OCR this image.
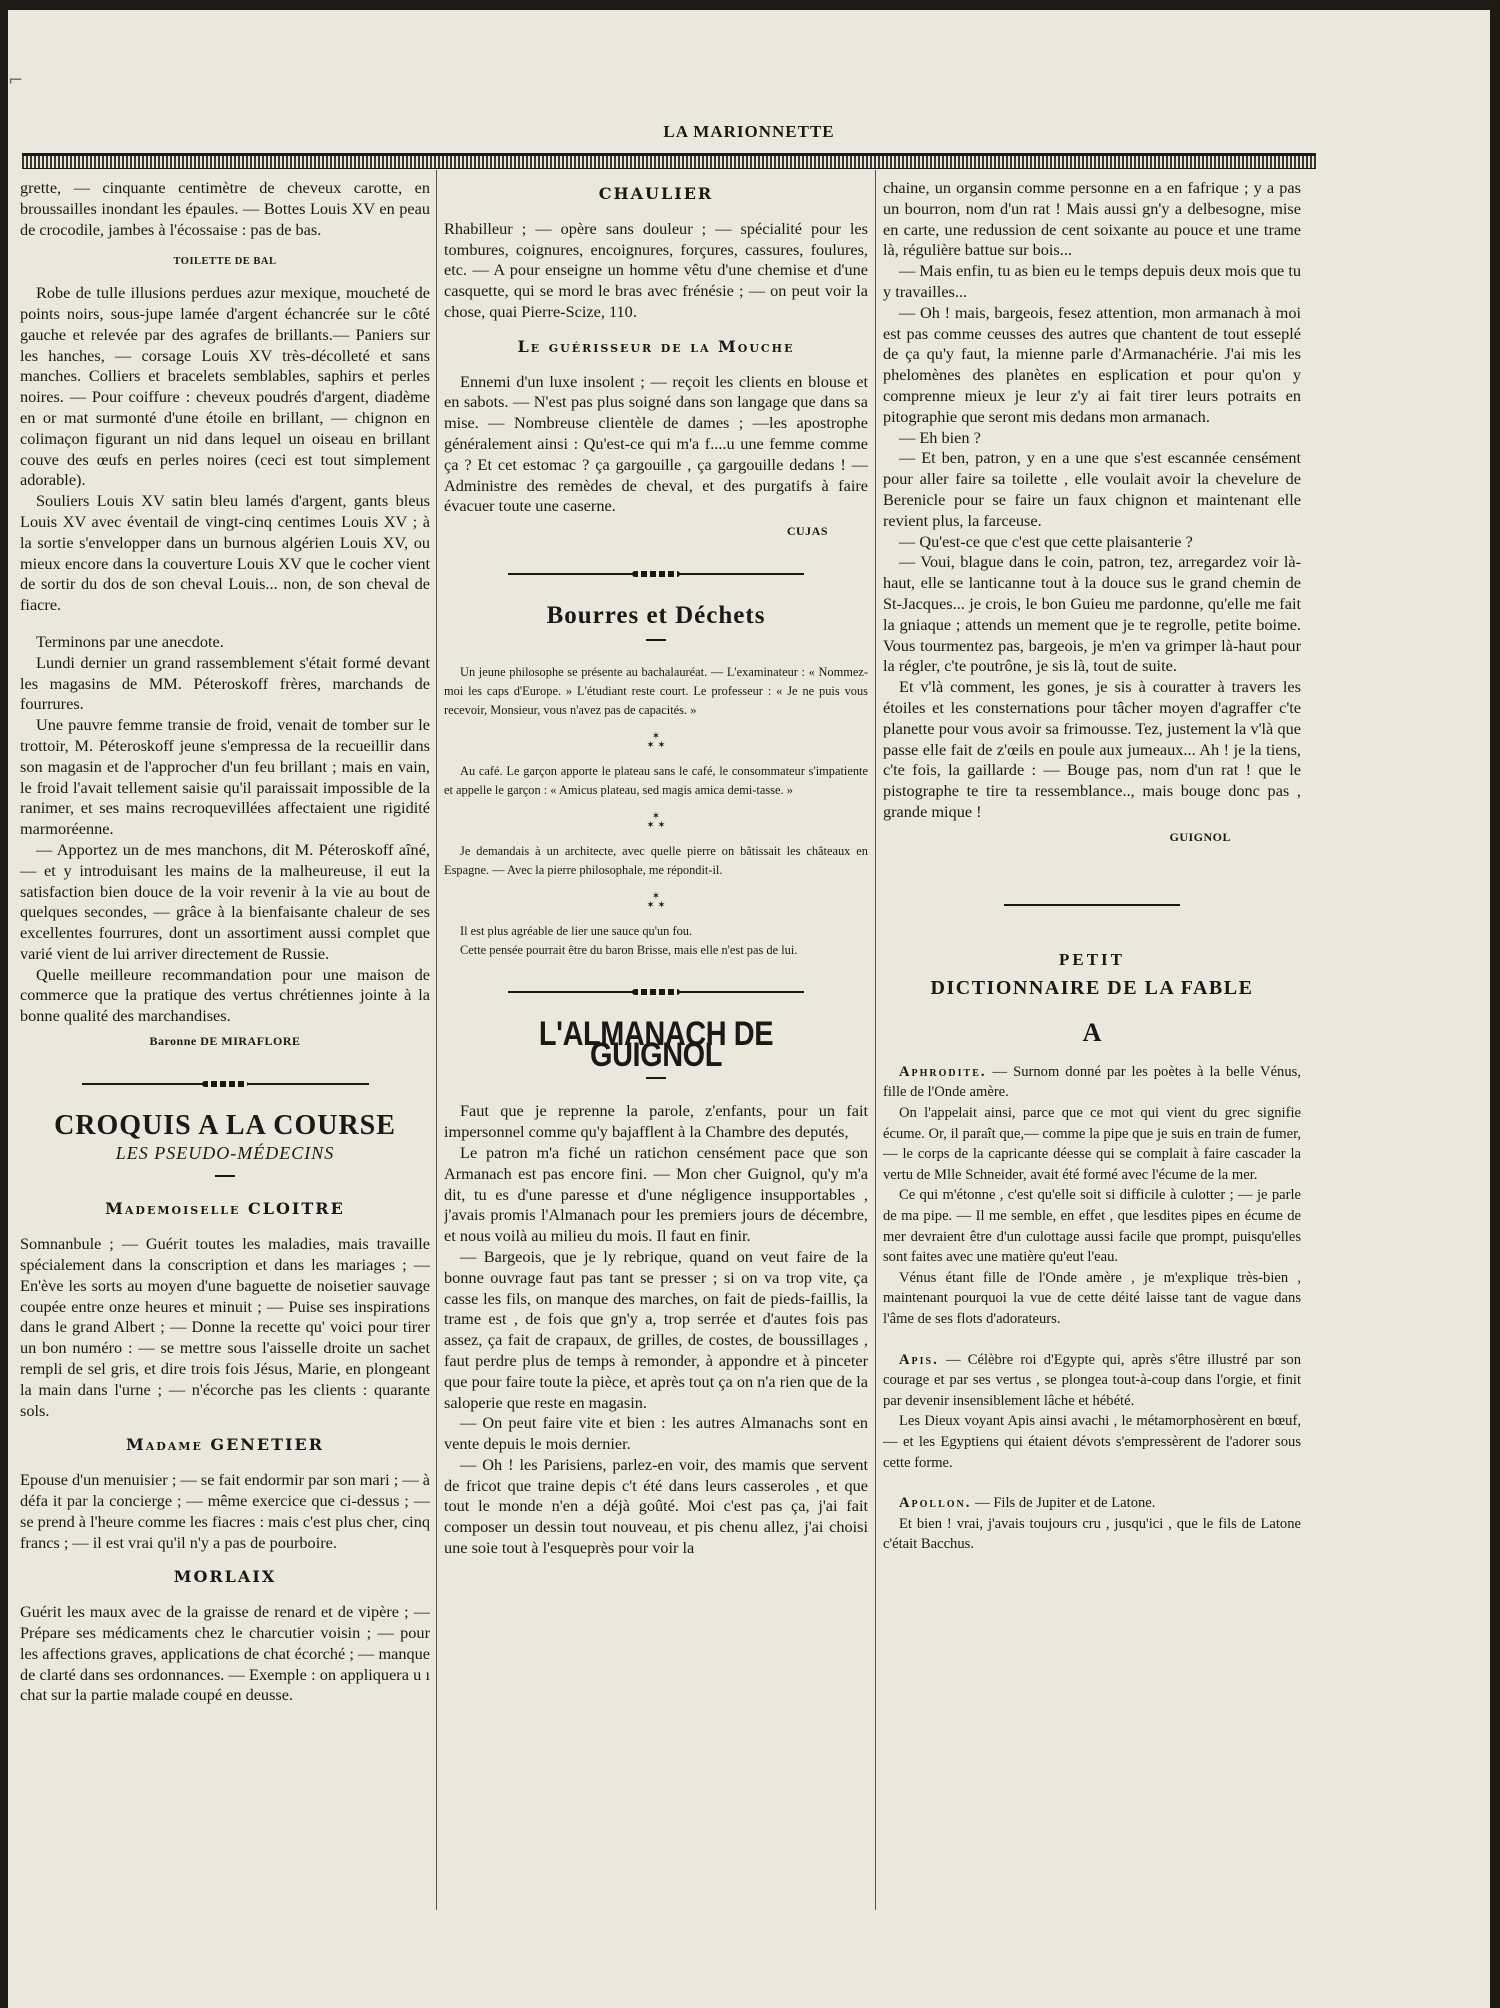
⌐
LA MARIONNETTE

grette, — cinquante centimètre de cheveux carotte, en broussailles inondant les épaules. — Bottes Louis XV en peau de crocodile, jambes à l'écossaise : pas de bas.

TOILETTE DE BAL

Robe de tulle illusions perdues azur mexique, moucheté de points noirs, sous-jupe lamée d'argent échancrée sur le côté gauche et relevée par des agrafes de brillants.— Paniers sur les hanches, — corsage Louis XV très-décolleté et sans manches. Colliers et bracelets semblables, saphirs et perles noires. — Pour coiffure : cheveux poudrés d'argent, diadème en or mat surmonté d'une étoile en brillant, — chignon en colimaçon figurant un nid dans lequel un oiseau en brillant couve des œufs en perles noires (ceci est tout simplement adorable).

Souliers Louis XV satin bleu lamés d'argent, gants bleus Louis XV avec éventail de vingt-cinq centimes Louis XV ; à la sortie s'envelopper dans un burnous algérien Louis XV, ou mieux encore dans la couverture Louis XV que le cocher vient de sortir du dos de son cheval Louis... non, de son cheval de fiacre.

Terminons par une anecdote.

Lundi dernier un grand rassemblement s'était formé devant les magasins de MM. Péteroskoff frères, marchands de fourrures.

Une pauvre femme transie de froid, venait de tomber sur le trottoir, M. Péteroskoff jeune s'empressa de la recueillir dans son magasin et de l'approcher d'un feu brillant ; mais en vain, le froid l'avait tellement saisie qu'il paraissait impossible de la ranimer, et ses mains recroquevillées affectaient une rigidité marmoréenne.

— Apportez un de mes manchons, dit M. Péteroskoff aîné, — et y introduisant les mains de la malheureuse, il eut la satisfaction bien douce de la voir revenir à la vie au bout de quelques secondes, — grâce à la bienfaisante chaleur de ses excellentes fourrures, dont un assortiment aussi complet que varié vient de lui arriver directement de Russie.

Quelle meilleure recommandation pour une maison de commerce que la pratique des vertus chrétiennes jointe à la bonne qualité des marchandises.

Baronne DE MIRAFLORE
CROQUIS A LA COURSE
LES PSEUDO-MÉDECINS
Mademoiselle CLOITRE

Somnanbule ; — Guérit toutes les maladies, mais travaille spécialement dans la conscription et dans les mariages ; — En'ève les sorts au moyen d'une baguette de noisetier sauvage coupée entre onze heures et minuit ; — Puise ses inspirations dans le grand Albert ; — Donne la recette qu' voici pour tirer un bon numéro : — se mettre sous l'aisselle droite un sachet rempli de sel gris, et dire trois fois Jésus, Marie, en plongeant la main dans l'urne ; — n'écorche pas les clients : quarante sols.

Madame GENETIER

Epouse d'un menuisier ; — se fait endormir par son mari ; — à défa it par la concierge ; — même exercice que ci-dessus ; — se prend à l'heure comme les fiacres : mais c'est plus cher, cinq francs ; — il est vrai qu'il n'y a pas de pourboire.

MORLAIX

Guérit les maux avec de la graisse de renard et de vipère ; — Prépare ses médicaments chez le charcutier voisin ; — pour les affections graves, applications de chat écorché ; — manque de clarté dans ses ordonnances. — Exemple : on appliquera u ı chat sur la partie malade coupé en deusse.

CHAULIER

Rhabilleur ; — opère sans douleur ; — spécialité pour les tombures, coignures, encoignures, forçures, cassures, foulures, etc. — A pour enseigne un homme vêtu d'une chemise et d'une casquette, qui se mord le bras avec frénésie ; — on peut voir la chose, quai Pierre-Scize, 110.

Le guérisseur de la Mouche

Ennemi d'un luxe insolent ; — reçoit les clients en blouse et en sabots. — N'est pas plus soigné dans son langage que dans sa mise. — Nombreuse clientèle de dames ; —les apostrophe généralement ainsi : Qu'est-ce qui m'a f....u une femme comme ça ? Et cet estomac ? ça gargouille , ça gargouille dedans ! — Administre des remèdes de cheval, et des purgatifs à faire évacuer toute une caserne.

CUJAS
Bourres et Déchets

Un jeune philosophe se présente au bachalauréat. — L'examinateur : « Nommez-moi les caps d'Europe. » L'étudiant reste court. Le professeur : « Je ne puis vous recevoir, Monsieur, vous n'avez pas de capacités. »

✶
✶ ✶

Au café. Le garçon apporte le plateau sans le café, le consommateur s'impatiente et appelle le garçon : « Amicus plateau, sed magis amica demi-tasse. »

✶
✶ ✶

Je demandais à un architecte, avec quelle pierre on bâtissait les châteaux en Espagne. — Avec la pierre philosophale, me répondit-il.

✶
✶ ✶

Il est plus agréable de lier une sauce qu'un fou.

Cette pensée pourrait être du baron Brisse, mais elle n'est pas de lui.

L'ALMANACH DE GUIGNOL

Faut que je reprenne la parole, z'enfants, pour un fait impersonnel comme qu'y bajafflent à la Chambre des deputés,

Le patron m'a fiché un ratichon censément pace que son Armanach est pas encore fini. — Mon cher Guignol, qu'y m'a dit, tu es d'une paresse et d'une négligence insupportables , j'avais promis l'Almanach pour les premiers jours de décembre, et nous voilà au milieu du mois. Il faut en finir.

— Bargeois, que je ly rebrique, quand on veut faire de la bonne ouvrage faut pas tant se presser ; si on va trop vite, ça casse les fils, on manque des marches, on fait de pieds-faillis, la trame est , de fois que gn'y a, trop serrée et d'autes fois pas assez, ça fait de crapaux, de grilles, de costes, de boussillages , faut perdre plus de temps à remonder, à appondre et à pinceter que pour faire toute la pièce, et après tout ça on n'a rien que de la saloperie que reste en magasin.

— On peut faire vite et bien : les autres Almanachs sont en vente depuis le mois dernier.

— Oh ! les Parisiens, parlez-en voir, des mamis que servent de fricot que traine depis c't été dans leurs casseroles , et que tout le monde n'en a déjà goûté. Moi c'est pas ça, j'ai fait composer un dessin tout nouveau, et pis chenu allez, j'ai choisi une soie tout à l'esqueprès pour voir la

chaine, un organsin comme personne en a en fafrique ; y a pas un bourron, nom d'un rat ! Mais aussi gn'y a delbesogne, mise en carte, une redussion de cent soixante au pouce et une trame là, régulière battue sur bois...

— Mais enfin, tu as bien eu le temps depuis deux mois que tu y travailles...

— Oh ! mais, bargeois, fesez attention, mon armanach à moi est pas comme ceusses des autres que chantent de tout esseplé de ça qu'y faut, la mienne parle d'Armanachérie. J'ai mis les phelomènes des planètes en esplication et pour qu'on y comprenne mieux je leur z'y ai fait tirer leurs potraits en pitographie que seront mis dedans mon armanach.

— Eh bien ?

— Et ben, patron, y en a une que s'est escannée censément pour aller faire sa toilette , elle voulait avoir la chevelure de Berenicle pour se faire un faux chignon et maintenant elle revient plus, la farceuse.

— Qu'est-ce que c'est que cette plaisanterie ?

— Voui, blague dans le coin, patron, tez, arregardez voir là-haut, elle se lanticanne tout à la douce sus le grand chemin de St-Jacques... je crois, le bon Guieu me pardonne, qu'elle me fait la gniaque ; attends un mement que je te regrolle, petite boime. Vous tourmentez pas, bargeois, je m'en va grimper là-haut pour la régler, c'te poutrône, je sis là, tout de suite.

Et v'là comment, les gones, je sis à couratter à travers les étoiles et les consternations pour tâcher moyen d'agraffer c'te planette pour vous avoir sa frimousse. Tez, justement la v'là que passe elle fait de z'œils en poule aux jumeaux... Ah ! je la tiens, c'te fois, la gaillarde : — Bouge pas, nom d'un rat ! que le pistographe te tire ta ressemblance.., mais bouge donc pas , grande mique !

GUIGNOL
PETIT
DICTIONNAIRE DE LA FABLE
A

Aphrodite. — Surnom donné par les poètes à la belle Vénus, fille de l'Onde amère.

On l'appelait ainsi, parce que ce mot qui vient du grec signifie écume. Or, il paraît que,— comme la pipe que je suis en train de fumer,— le corps de la capricante déesse qui se complait à faire cascader la vertu de Mlle Schneider, avait été formé avec l'écume de la mer.

Ce qui m'étonne , c'est qu'elle soit si difficile à culotter ; — je parle de ma pipe. — Il me semble, en effet , que lesdites pipes en écume de mer devraient être d'un culottage aussi facile que prompt, puisqu'elles sont faites avec une matière qu'eut l'eau.

Vénus étant fille de l'Onde amère , je m'explique très-bien , maintenant pourquoi la vue de cette déité laisse tant de vague dans l'âme de ses flots d'adorateurs.

Apis. — Célèbre roi d'Egypte qui, après s'être illustré par son courage et par ses vertus , se plongea tout-à-coup dans l'orgie, et finit par devenir insensiblement lâche et hébété.

Les Dieux voyant Apis ainsi avachi , le métamorphosèrent en bœuf,— et les Egyptiens qui étaient dévots s'empressèrent de l'adorer sous cette forme.

Apollon. — Fils de Jupiter et de Latone.

Et bien ! vrai, j'avais toujours cru , jusqu'ici , que le fils de Latone c'était Bacchus.
